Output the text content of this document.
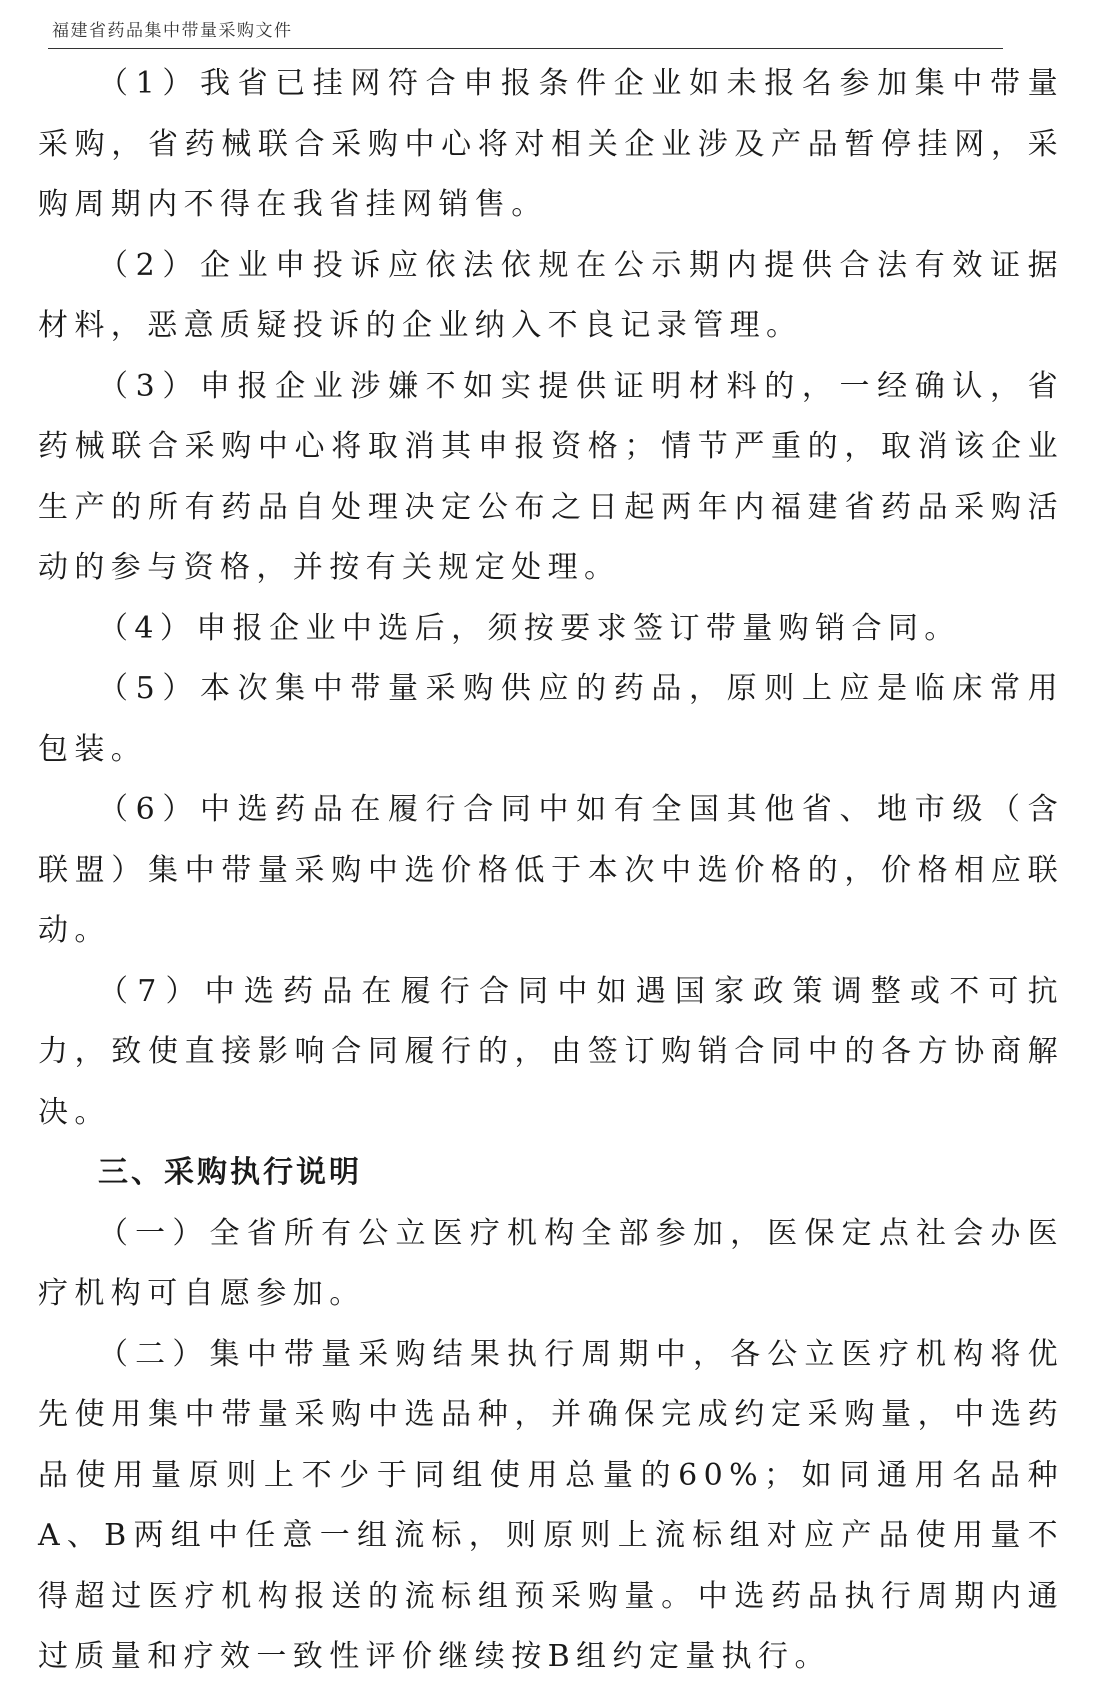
福建省药品集中带量采购文件

（1）我省已挂网符合申报条件企业如未报名参加集中带量采购，省药械联合采购中心将对相关企业涉及产品暂停挂网，采购周期内不得在我省挂网销售。

（2）企业申投诉应依法依规在公示期内提供合法有效证据材料，恶意质疑投诉的企业纳入不良记录管理。

（3）申报企业涉嫌不如实提供证明材料的，一经确认，省药械联合采购中心将取消其申报资格；情节严重的，取消该企业生产的所有药品自处理决定公布之日起两年内福建省药品采购活动的参与资格，并按有关规定处理。

（4）申报企业中选后，须按要求签订带量购销合同。

（5）本次集中带量采购供应的药品，原则上应是临床常用包装。

（6）中选药品在履行合同中如有全国其他省、地市级（含联盟）集中带量采购中选价格低于本次中选价格的，价格相应联动。

（7）中选药品在履行合同中如遇国家政策调整或不可抗力，致使直接影响合同履行的，由签订购销合同中的各方协商解决。

三、采购执行说明

（一）全省所有公立医疗机构全部参加，医保定点社会办医疗机构可自愿参加。

（二）集中带量采购结果执行周期中，各公立医疗机构将优先使用集中带量采购中选品种，并确保完成约定采购量，中选药品使用量原则上不少于同组使用总量的60%；如同通用名品种A、B两组中任意一组流标，则原则上流标组对应产品使用量不得超过医疗机构报送的流标组预采购量。中选药品执行周期内通过质量和疗效一致性评价继续按B组约定量执行。
